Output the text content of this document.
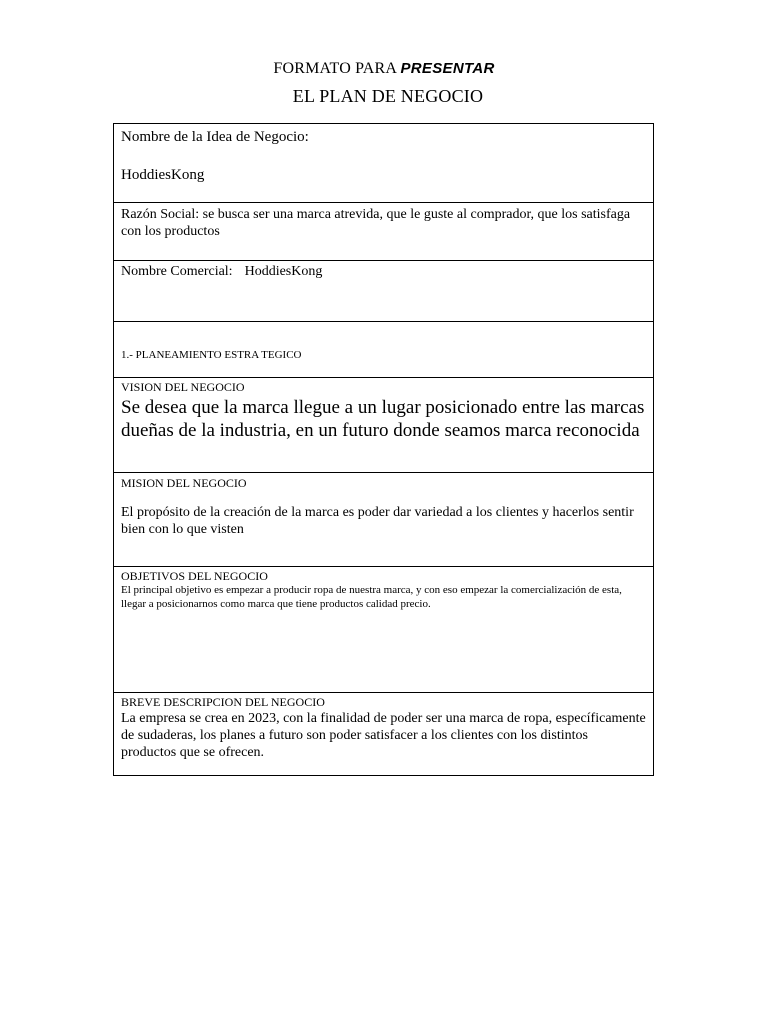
FORMATO PARA PRESENTAR
EL PLAN DE NEGOCIO
Nombre de la Idea de Negocio:
HoddiesKong
Razón Social: se busca ser una marca atrevida, que le guste al comprador, que los satisfaga con los productos
Nombre Comercial: HoddiesKong
1.- PLANEAMIENTO ESTRA TEGICO
VISION DEL NEGOCIO
Se desea que la marca llegue a un lugar posicionado entre las marcas dueñas de la industria, en un futuro donde seamos marca reconocida
MISION DEL NEGOCIO
El propósito de la creación de la marca es poder dar variedad a los clientes y hacerlos sentir bien con lo que visten
OBJETIVOS DEL NEGOCIO
El principal objetivo es empezar a producir ropa de nuestra marca, y con eso empezar la comercialización de esta, llegar a posicionarnos como marca que tiene productos calidad precio.
BREVE DESCRIPCION DEL NEGOCIO
La empresa se crea en 2023, con la finalidad de poder ser una marca de ropa, específicamente de sudaderas, los planes a futuro son poder satisfacer a los clientes con los distintos productos que se ofrecen.
